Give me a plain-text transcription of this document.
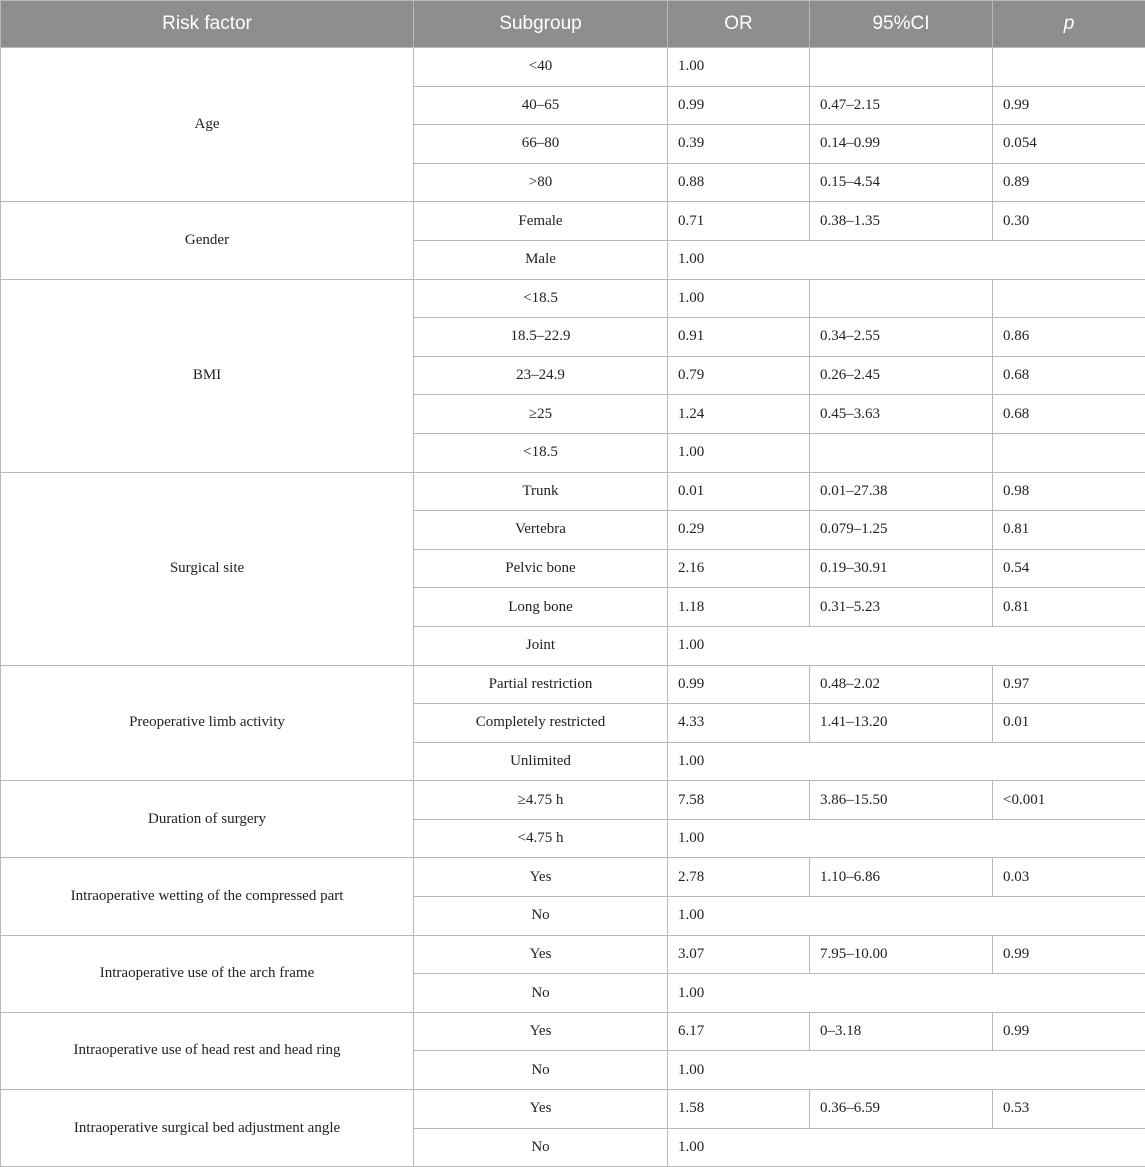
Risk factor	Subgroup	OR	95%CI	p
Age	<40	1.00		
	40–65	0.99	0.47–2.15	0.99
	66–80	0.39	0.14–0.99	0.054
	>80	0.88	0.15–4.54	0.89
Gender	Female	0.71	0.38–1.35	0.30
	Male	1.00		
BMI	<18.5	1.00		
	18.5–22.9	0.91	0.34–2.55	0.86
	23–24.9	0.79	0.26–2.45	0.68
	≥25	1.24	0.45–3.63	0.68
	<18.5	1.00		
Surgical site	Trunk	0.01	0.01–27.38	0.98
	Vertebra	0.29	0.079–1.25	0.81
	Pelvic bone	2.16	0.19–30.91	0.54
	Long bone	1.18	0.31–5.23	0.81
	Joint	1.00		
Preoperative limb activity	Partial restriction	0.99	0.48–2.02	0.97
	Completely restricted	4.33	1.41–13.20	0.01
	Unlimited	1.00		
Duration of surgery	≥4.75 h	7.58	3.86–15.50	<0.001
	<4.75 h	1.00		
Intraoperative wetting of the compressed part	Yes	2.78	1.10–6.86	0.03
	No	1.00		
Intraoperative use of the arch frame	Yes	3.07	7.95–10.00	0.99
	No	1.00		
Intraoperative use of head rest and head ring	Yes	6.17	0–3.18	0.99
	No	1.00		
Intraoperative surgical bed adjustment angle	Yes	1.58	0.36–6.59	0.53
	No	1.00		
